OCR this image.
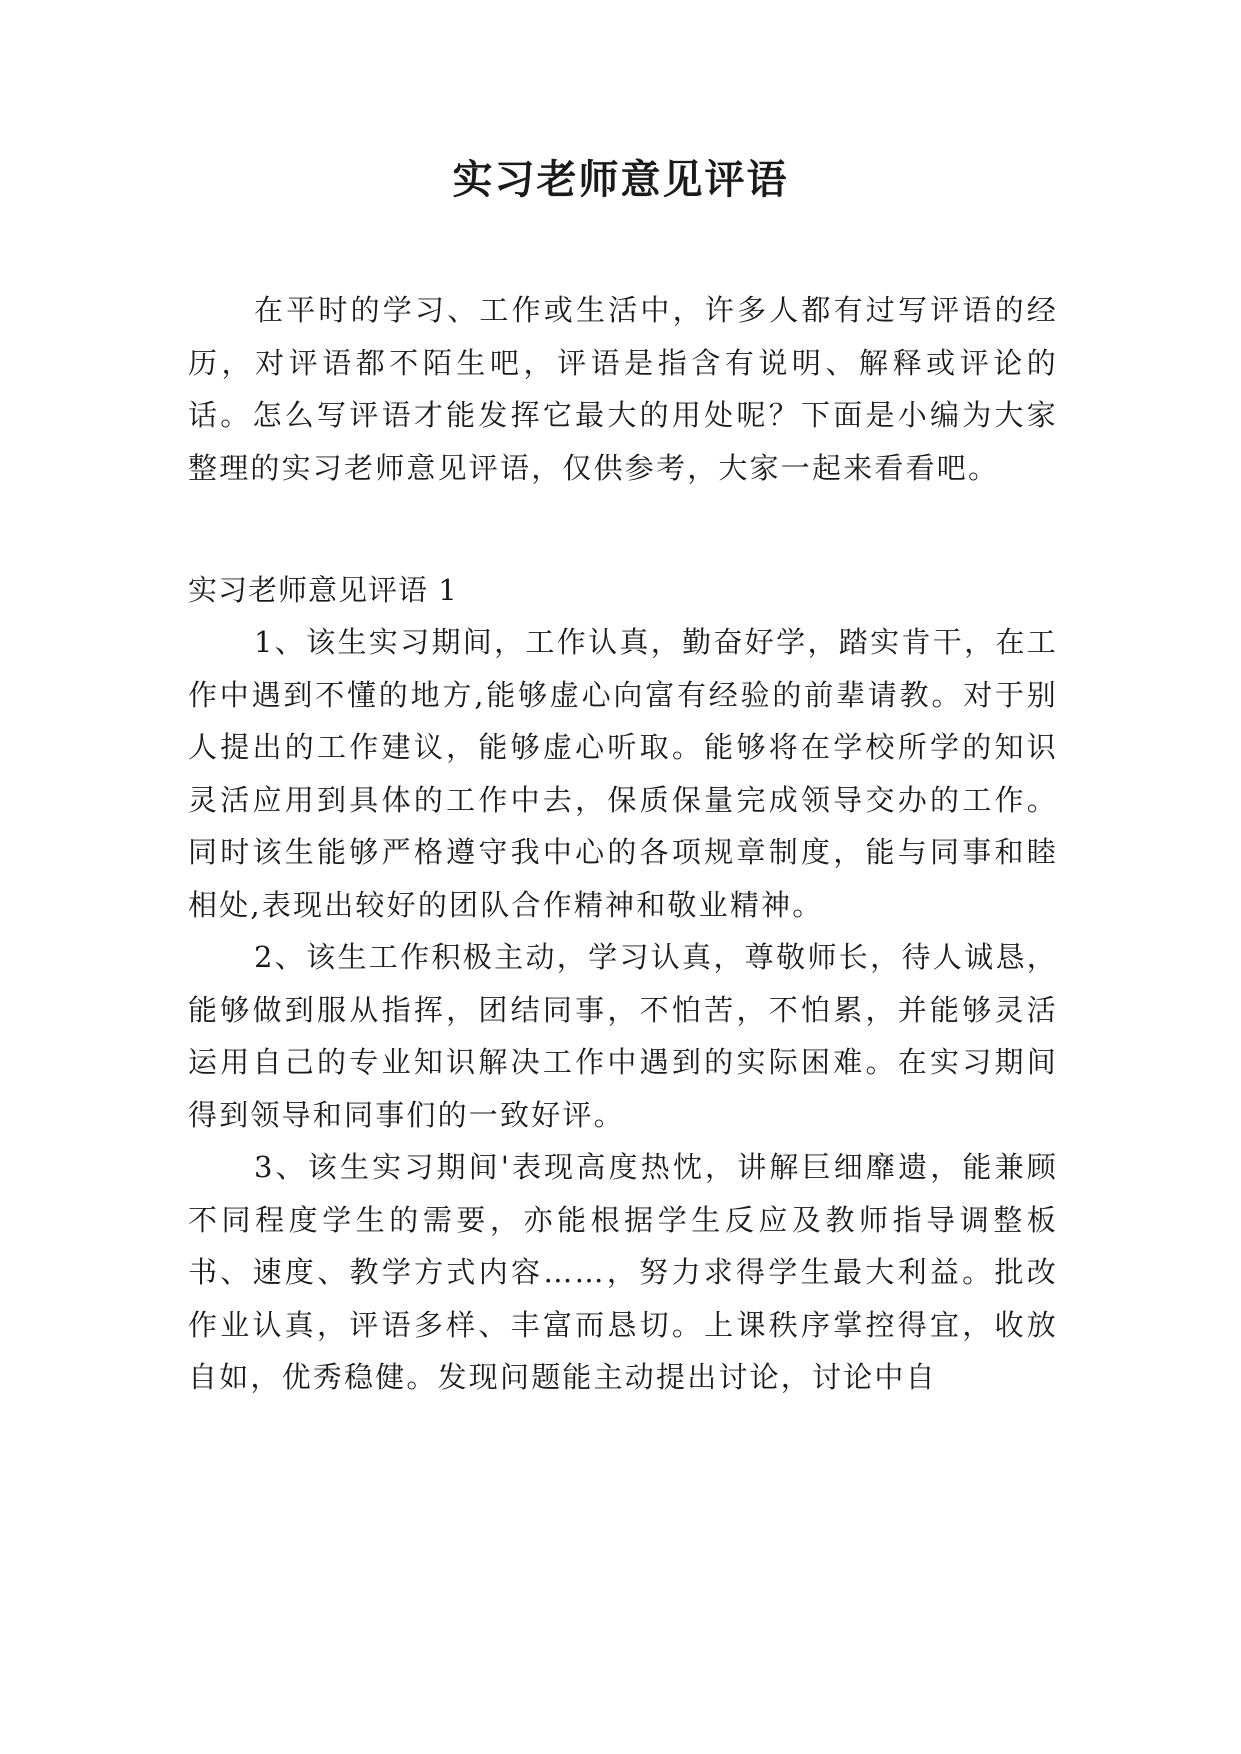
实习老师意见评语

在平时的学习、工作或生活中，许多人都有过写评语的经历，对评语都不陌生吧，评语是指含有说明、解释或评论的话。怎么写评语才能发挥它最大的用处呢？下面是小编为大家整理的实习老师意见评语，仅供参考，大家一起来看看吧。

实习老师意见评语 1

1、该生实习期间，工作认真，勤奋好学，踏实肯干，在工作中遇到不懂的地方,能够虚心向富有经验的前辈请教。对于别人提出的工作建议，能够虚心听取。能够将在学校所学的知识灵活应用到具体的工作中去，保质保量完成领导交办的工作。同时该生能够严格遵守我中心的各项规章制度，能与同事和睦相处,表现出较好的团队合作精神和敬业精神。

2、该生工作积极主动，学习认真，尊敬师长，待人诚恳，能够做到服从指挥，团结同事，不怕苦，不怕累，并能够灵活运用自己的专业知识解决工作中遇到的实际困难。在实习期间得到领导和同事们的一致好评。

3、该生实习期间'表现高度热忱，讲解巨细靡遗，能兼顾不同程度学生的需要，亦能根据学生反应及教师指导调整板书、速度、教学方式内容……，努力求得学生最大利益。批改作业认真，评语多样、丰富而恳切。上课秩序掌控得宜，收放自如，优秀稳健。发现问题能主动提出讨论，讨论中自
